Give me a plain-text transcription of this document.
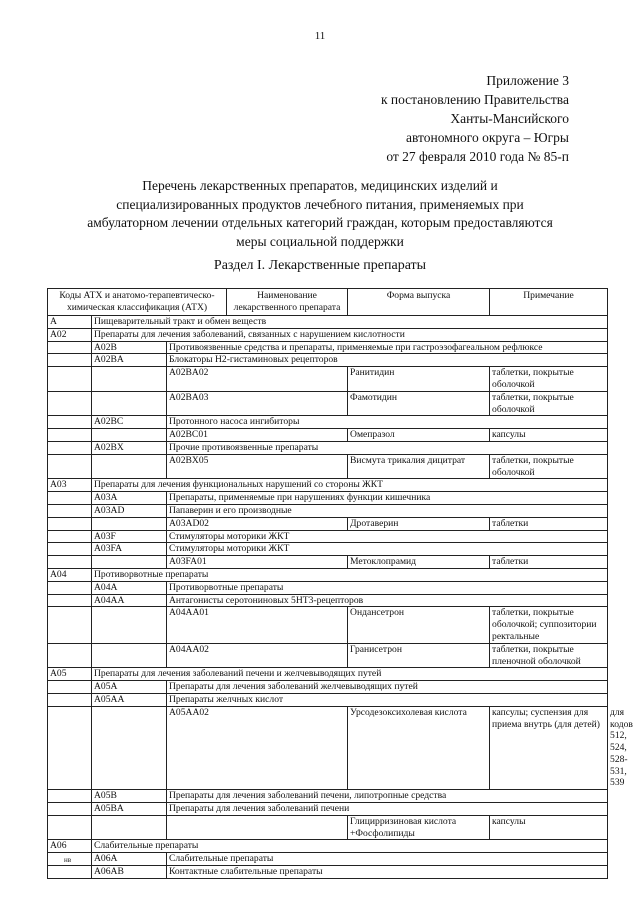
11
Приложение 3
к постановлению Правительства
Ханты-Мансийского
автономного округа – Югры
от 27 февраля 2010 года № 85-п
Перечень лекарственных препаратов, медицинских изделий и
специализированных продуктов лечебного питания, применяемых при
амбулаторном лечении отдельных категорий граждан, которым предоставляются
меры социальной поддержки
Раздел I. Лекарственные препараты
Коды АТХ и анатомо-терапевтическо-химическая классификация (АТХ)			Наименование лекарственного препарата	Форма выпуска	Примечание	
A	Пищеварительный тракт и обмен веществ					
A02	Препараты для лечения заболеваний, связанных с нарушением кислотности					
	A02B	Противоязвенные средства и препараты, применяемые при гастроэзофагеальном рефлюксе				
	A02BA	Блокаторы Н2-гистаминовых рецепторов				
		A02BA02		Ранитидин	таблетки, покрытые оболочкой	
		A02BA03		Фамотидин	таблетки, покрытые оболочкой	
	A02BC	Протонного насоса ингибиторы				
		A02BC01		Омепразол	капсулы	
	A02BX	Прочие противоязвенные препараты				
		A02BX05		Висмута трикалия дицитрат	таблетки, покрытые оболочкой	
A03	Препараты для лечения функциональных нарушений со стороны ЖКТ					
	A03A	Препараты, применяемые при нарушениях функции кишечника				
	A03AD	Папаверин и его производные				
		A03AD02		Дротаверин	таблетки	
	A03F	Стимуляторы моторики ЖКТ				
	A03FA	Стимуляторы моторики ЖКТ				
		A03FA01		Метоклопрамид	таблетки	
A04	Противорвотные препараты					
	A04A	Противорвотные препараты				
	A04AA	Антагонисты серотониновых 5НТ3-рецепторов				
		A04AA01		Ондансетрон	таблетки, покрытые оболочкой; суппозитории ректальные	
		A04AA02		Гранисетрон	таблетки, покрытые пленочной оболочкой	
A05	Препараты для лечения заболеваний печени и желчевыводящих путей					
	A05A	Препараты для лечения заболеваний желчевыводящих путей				
	A05AA	Препараты желчных кислот				
		A05AA02		Урсодезоксихолевая кислота	капсулы; суспензия для приема внутрь (для детей)	для кодов 512, 524, 528-531, 539
	A05B	Препараты для лечения заболеваний печени, липотропные средства				
	A05BA	Препараты для лечения заболеваний печени				
				Глицирризиновая кислота +Фосфолипиды	капсулы	
A06	Слабительные препараты					
	A06A	Слабительные препараты				
	A06AB	Контактные слабительные препараты				
нв
